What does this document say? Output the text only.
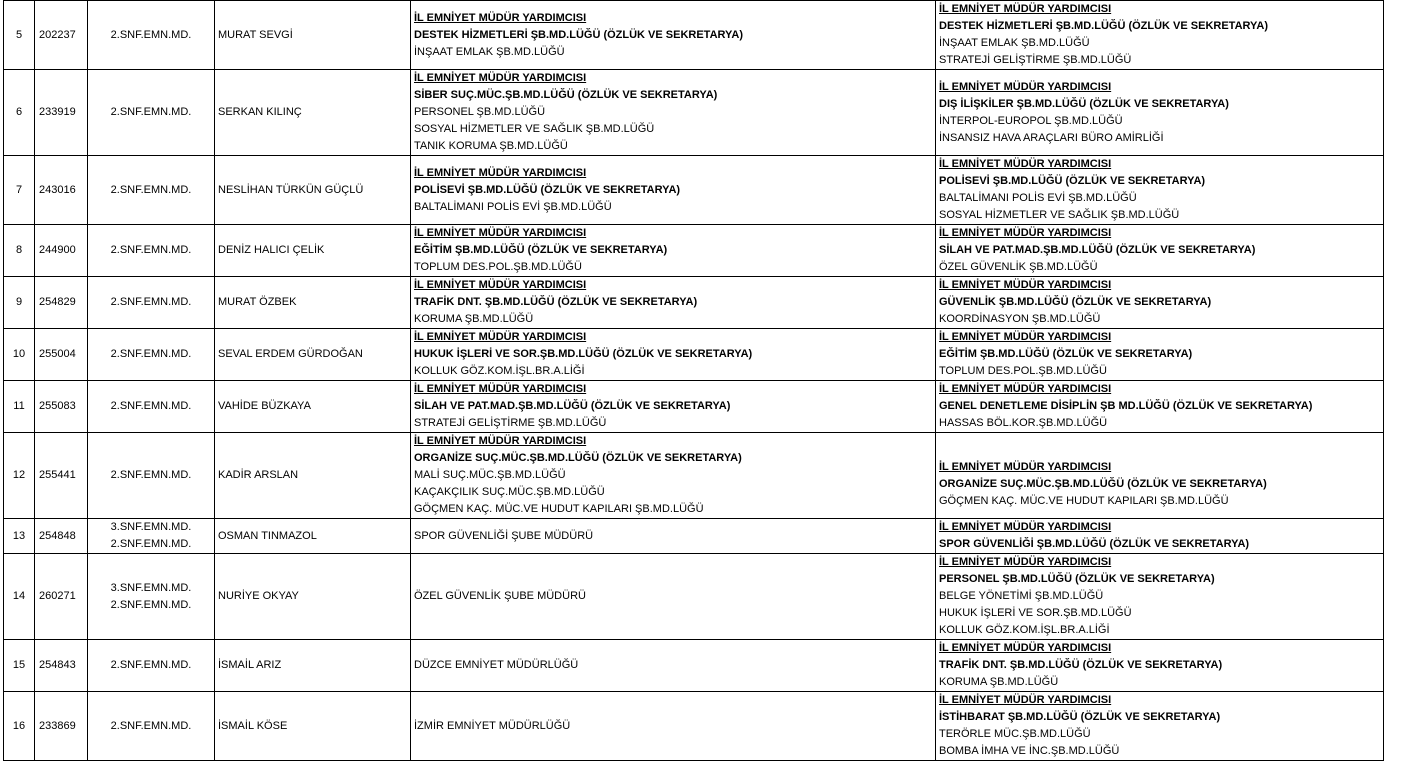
5	202237	2.SNF.EMN.MD.	MURAT SEVGİ	İL EMNİYET MÜDÜR YARDIMCISI
DESTEK HİZMETLERİ ŞB.MD.LÜĞÜ (ÖZLÜK VE SEKRETARYA)
İNŞAAT EMLAK ŞB.MD.LÜĞÜ	İL EMNİYET MÜDÜR YARDIMCISI
DESTEK HİZMETLERİ ŞB.MD.LÜĞÜ (ÖZLÜK VE SEKRETARYA)
İNŞAAT EMLAK ŞB.MD.LÜĞÜ
STRATEJİ GELİŞTİRME ŞB.MD.LÜĞÜ

6	233919	2.SNF.EMN.MD.	SERKAN KILINÇ	İL EMNİYET MÜDÜR YARDIMCISI
SİBER SUÇ.MÜC.ŞB.MD.LÜĞÜ (ÖZLÜK VE SEKRETARYA)
PERSONEL ŞB.MD.LÜĞÜ
SOSYAL HİZMETLER VE SAĞLIK ŞB.MD.LÜĞÜ
TANIK KORUMA ŞB.MD.LÜĞÜ	İL EMNİYET MÜDÜR YARDIMCISI
DIŞ İLİŞKİLER ŞB.MD.LÜĞÜ (ÖZLÜK VE SEKRETARYA)
İNTERPOL-EUROPOL ŞB.MD.LÜĞÜ
İNSANSIZ HAVA ARAÇLARI BÜRO AMİRLİĞİ

7	243016	2.SNF.EMN.MD.	NESLİHAN TÜRKÜN GÜÇLÜ	İL EMNİYET MÜDÜR YARDIMCISI
POLİSEVİ ŞB.MD.LÜĞÜ (ÖZLÜK VE SEKRETARYA)
BALTALİMANI POLİS EVİ ŞB.MD.LÜĞÜ	İL EMNİYET MÜDÜR YARDIMCISI
POLİSEVİ ŞB.MD.LÜĞÜ (ÖZLÜK VE SEKRETARYA)
BALTALİMANI POLİS EVİ ŞB.MD.LÜĞÜ
SOSYAL HİZMETLER VE SAĞLIK ŞB.MD.LÜĞÜ

8	244900	2.SNF.EMN.MD.	DENİZ HALICI ÇELİK	İL EMNİYET MÜDÜR YARDIMCISI
EĞİTİM ŞB.MD.LÜĞÜ (ÖZLÜK VE SEKRETARYA)
TOPLUM DES.POL.ŞB.MD.LÜĞÜ	İL EMNİYET MÜDÜR YARDIMCISI
SİLAH VE PAT.MAD.ŞB.MD.LÜĞÜ (ÖZLÜK VE SEKRETARYA)
ÖZEL GÜVENLİK ŞB.MD.LÜĞÜ

9	254829	2.SNF.EMN.MD.	MURAT ÖZBEK	İL EMNİYET MÜDÜR YARDIMCISI
TRAFİK DNT. ŞB.MD.LÜĞÜ (ÖZLÜK VE SEKRETARYA)
KORUMA ŞB.MD.LÜĞÜ	İL EMNİYET MÜDÜR YARDIMCISI
GÜVENLİK ŞB.MD.LÜĞÜ (ÖZLÜK VE SEKRETARYA)
KOORDİNASYON ŞB.MD.LÜĞÜ

10	255004	2.SNF.EMN.MD.	SEVAL ERDEM GÜRDOĞAN	İL EMNİYET MÜDÜR YARDIMCISI
HUKUK İŞLERİ VE SOR.ŞB.MD.LÜĞÜ (ÖZLÜK VE SEKRETARYA)
KOLLUK GÖZ.KOM.İŞL.BR.A.LİĞİ	İL EMNİYET MÜDÜR YARDIMCISI
EĞİTİM ŞB.MD.LÜĞÜ (ÖZLÜK VE SEKRETARYA)
TOPLUM DES.POL.ŞB.MD.LÜĞÜ

11	255083	2.SNF.EMN.MD.	VAHİDE BÜZKAYA	İL EMNİYET MÜDÜR YARDIMCISI
SİLAH VE PAT.MAD.ŞB.MD.LÜĞÜ (ÖZLÜK VE SEKRETARYA)
STRATEJİ GELİŞTİRME ŞB.MD.LÜĞÜ	İL EMNİYET MÜDÜR YARDIMCISI
GENEL DENETLEME DİSİPLİN ŞB MD.LÜĞÜ (ÖZLÜK VE SEKRETARYA)
HASSAS BÖL.KOR.ŞB.MD.LÜĞÜ

12	255441	2.SNF.EMN.MD.	KADİR ARSLAN	İL EMNİYET MÜDÜR YARDIMCISI
ORGANİZE SUÇ.MÜC.ŞB.MD.LÜĞÜ (ÖZLÜK VE SEKRETARYA)
MALİ SUÇ.MÜC.ŞB.MD.LÜĞÜ
KAÇAKÇILIK SUÇ.MÜC.ŞB.MD.LÜĞÜ
GÖÇMEN KAÇ. MÜC.VE HUDUT KAPILARI ŞB.MD.LÜĞÜ	İL EMNİYET MÜDÜR YARDIMCISI
ORGANİZE SUÇ.MÜC.ŞB.MD.LÜĞÜ (ÖZLÜK VE SEKRETARYA)
GÖÇMEN KAÇ. MÜC.VE HUDUT KAPILARI ŞB.MD.LÜĞÜ

13	254848	3.SNF.EMN.MD.
2.SNF.EMN.MD.	OSMAN TINMAZOL	SPOR GÜVENLİĞİ ŞUBE MÜDÜRÜ	İL EMNİYET MÜDÜR YARDIMCISI
SPOR GÜVENLİĞİ ŞB.MD.LÜĞÜ (ÖZLÜK VE SEKRETARYA)

14	260271	3.SNF.EMN.MD.
2.SNF.EMN.MD.	NURİYE OKYAY	ÖZEL GÜVENLİK ŞUBE MÜDÜRÜ	İL EMNİYET MÜDÜR YARDIMCISI
PERSONEL ŞB.MD.LÜĞÜ (ÖZLÜK VE SEKRETARYA)
BELGE YÖNETİMİ ŞB.MD.LÜĞÜ
HUKUK İŞLERİ VE SOR.ŞB.MD.LÜĞÜ
KOLLUK GÖZ.KOM.İŞL.BR.A.LİĞİ

15	254843	2.SNF.EMN.MD.	İSMAİL ARIZ	DÜZCE EMNİYET MÜDÜRLÜĞÜ	İL EMNİYET MÜDÜR YARDIMCISI
TRAFİK DNT. ŞB.MD.LÜĞÜ (ÖZLÜK VE SEKRETARYA)
KORUMA ŞB.MD.LÜĞÜ

16	233869	2.SNF.EMN.MD.	İSMAİL KÖSE	İZMİR EMNİYET MÜDÜRLÜĞÜ	İL EMNİYET MÜDÜR YARDIMCISI
İSTİHBARAT ŞB.MD.LÜĞÜ (ÖZLÜK VE SEKRETARYA)
TERÖRLE MÜC.ŞB.MD.LÜĞÜ
BOMBA İMHA VE İNC.ŞB.MD.LÜĞÜ
